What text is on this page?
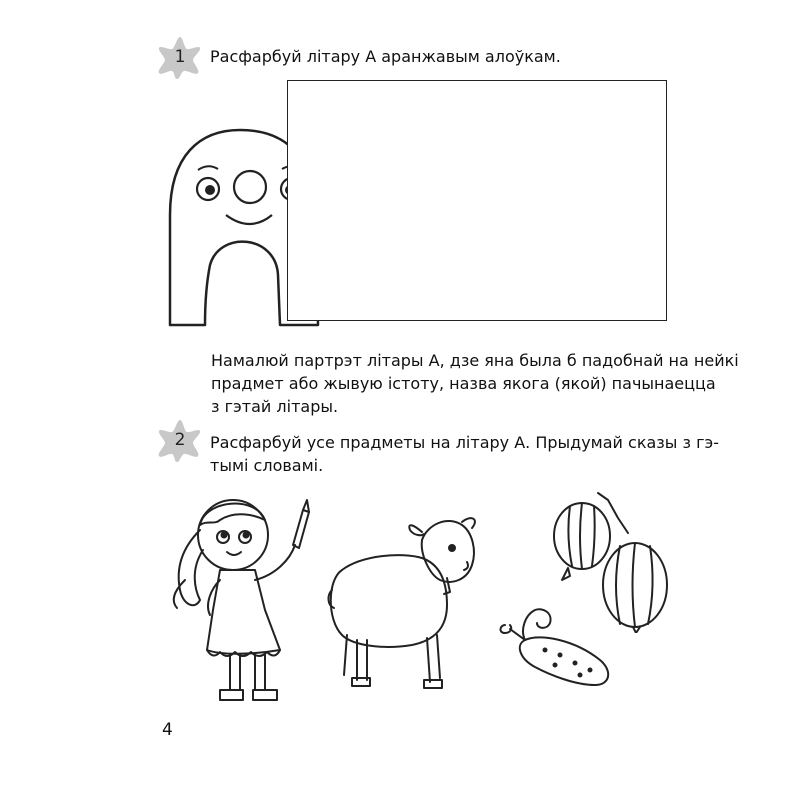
1	Расфарбуй літару А аранжавым алоўкам.
Намалюй партрэт літары А, дзе яна была б падобнай на нейкі
прадмет або жывую істоту, назва якога (якой) пачынаецца
з гэтай літары.
2	Расфарбуй усе прадметы на літару А. Прыдумай сказы з гэ-
тымі словамі.
4
